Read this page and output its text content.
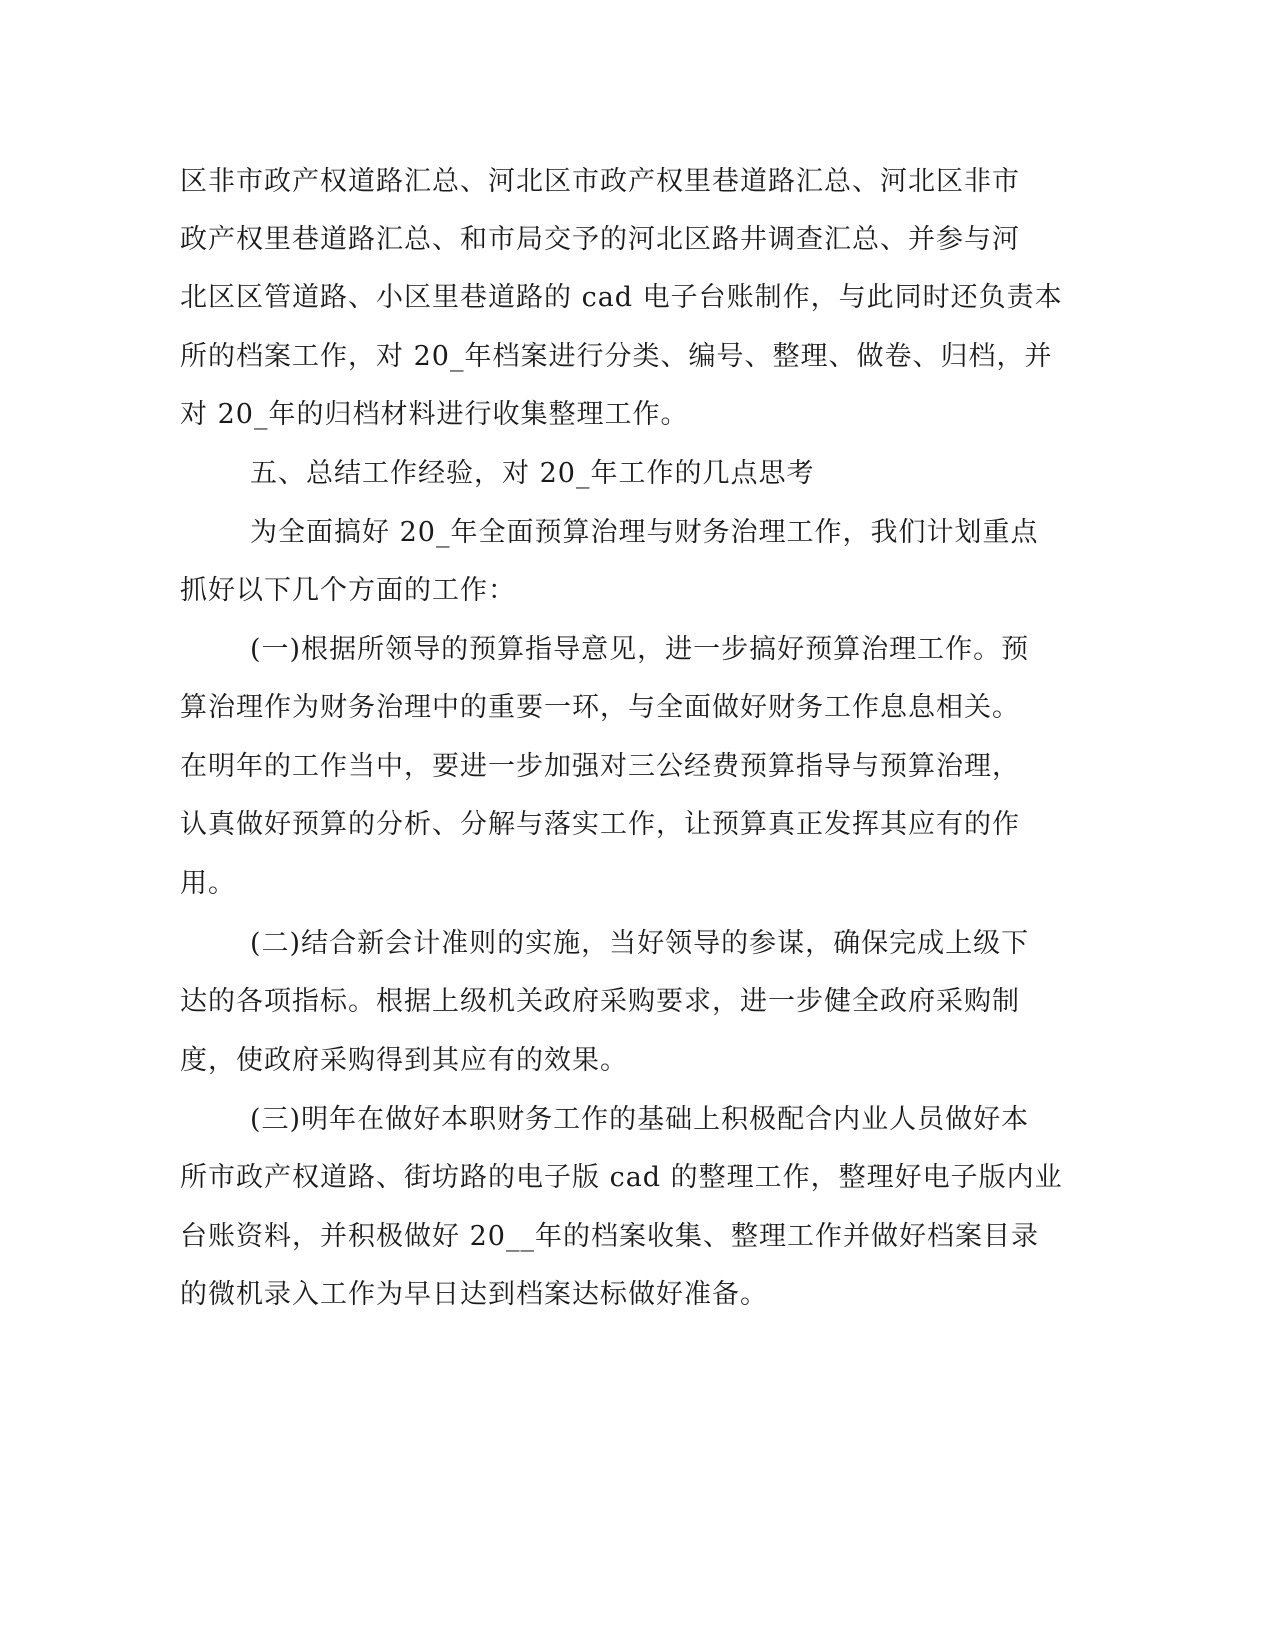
区非市政产权道路汇总、河北区市政产权里巷道路汇总、河北区非市
政产权里巷道路汇总、和市局交予的河北区路井调查汇总、并参与河
北区区管道路、小区里巷道路的 cad 电子台账制作，与此同时还负责本
所的档案工作，对 20_年档案进行分类、编号、整理、做卷、归档，并
对 20_年的归档材料进行收集整理工作。
五、总结工作经验，对 20_年工作的几点思考
为全面搞好 20_年全面预算治理与财务治理工作，我们计划重点
抓好以下几个方面的工作：
(一)根据所领导的预算指导意见，进一步搞好预算治理工作。预
算治理作为财务治理中的重要一环，与全面做好财务工作息息相关。
在明年的工作当中，要进一步加强对三公经费预算指导与预算治理，
认真做好预算的分析、分解与落实工作，让预算真正发挥其应有的作
用。
(二)结合新会计准则的实施，当好领导的参谋，确保完成上级下
达的各项指标。根据上级机关政府采购要求，进一步健全政府采购制
度，使政府采购得到其应有的效果。
(三)明年在做好本职财务工作的基础上积极配合内业人员做好本
所市政产权道路、街坊路的电子版 cad 的整理工作，整理好电子版内业
台账资料，并积极做好 20__年的档案收集、整理工作并做好档案目录
的微机录入工作为早日达到档案达标做好准备。
